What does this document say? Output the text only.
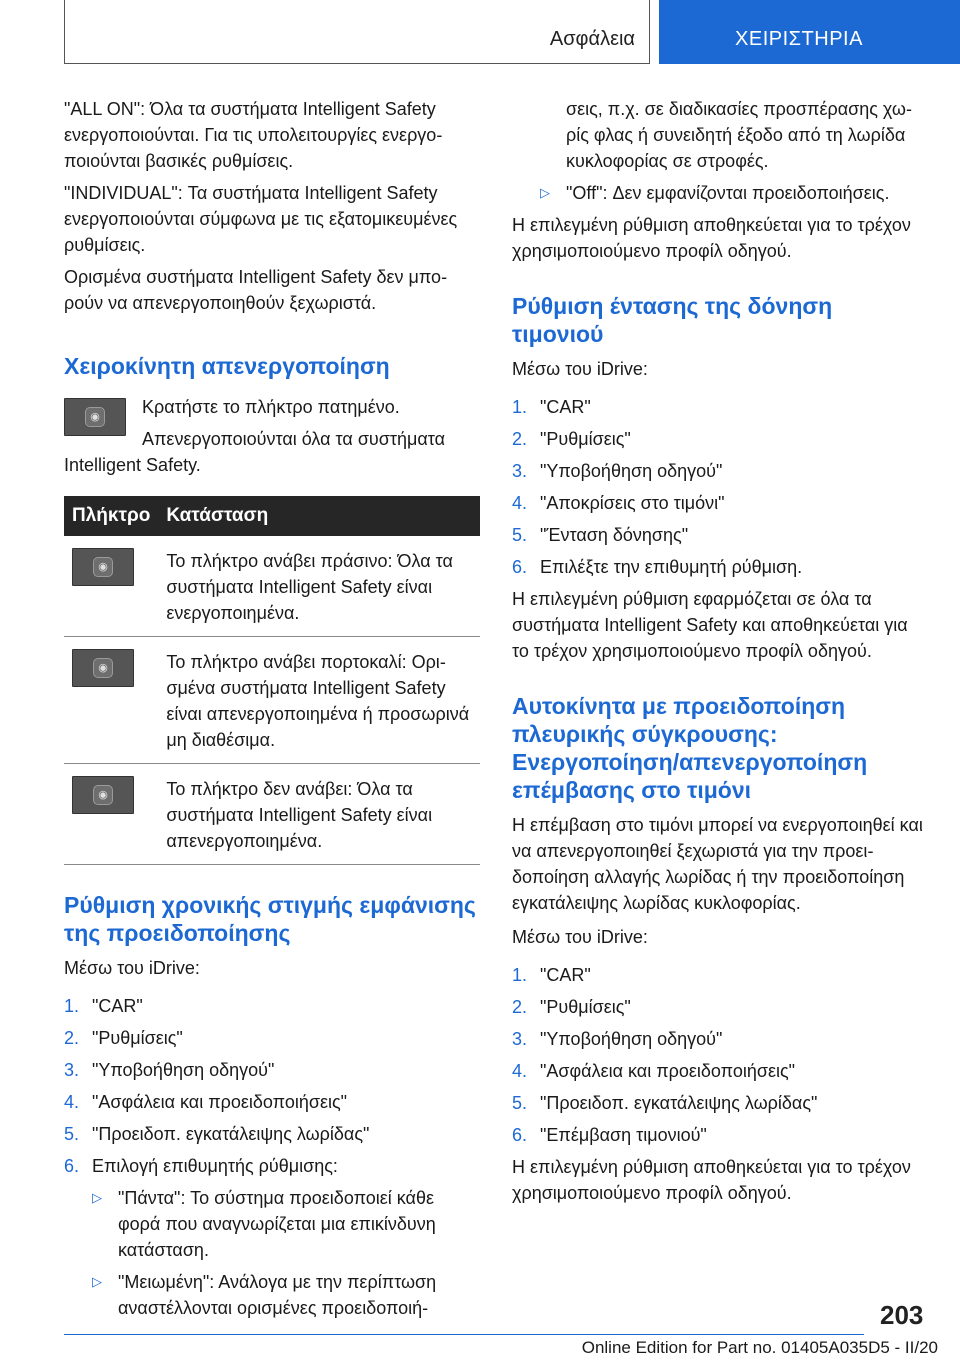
Ασφάλεια	ΧΕΙΡΙΣΤΗΡΙΑ

"ALL ON": Όλα τα συστήματα Intelligent Safety ενεργοποιούνται. Για τις υπολειτουργίες ενεργοποιούνται βασικές ρυθμίσεις.

"INDIVIDUAL": Τα συστήματα Intelligent Safety ενεργοποιούνται σύμφωνα με τις εξατομικευμένες ρυθμίσεις.

Ορισμένα συστήματα Intelligent Safety δεν μπορούν να απενεργοποιηθούν ξεχωριστά.

Χειροκίνητη απενεργοποίηση
◉ Κρατήστε το πλήκτρο πατημένο.

Απενεργοποιούνται όλα τα συστήματα Intelligent Safety.

Πλήκτρο	Κατάσταση

◉	Το πλήκτρο ανάβει πράσινο: Όλα τα συστήματα Intelligent Safety είναι ενεργοποιημένα.

◉	Το πλήκτρο ανάβει πορτοκαλί: Ορισμένα συστήματα Intelligent Safety είναι απενεργοποιημένα ή προσωρινά μη διαθέσιμα.

◉	Το πλήκτρο δεν ανάβει: Όλα τα συστήματα Intelligent Safety είναι απενεργοποιημένα.
Ρύθμιση χρονικής στιγμής εμφάνισης της προειδοποίησης

Μέσω του iDrive:

1. "CAR"
2. "Ρυθμίσεις"
3. "Υποβοήθηση οδηγού"
4. "Ασφάλεια και προειδοποιήσεις"
5. "Προειδοπ. εγκατάλειψης λωρίδας"
6. Επιλογή επιθυμητής ρύθμισης:
▷ "Πάντα": Το σύστημα προειδοποιεί κάθε φορά που αναγνωρίζεται μια επικίνδυνη κατάσταση.
▷ "Μειωμένη": Ανάλογα με την περίπτωση αναστέλλονται ορισμένες προειδοποιή-

σεις, π.χ. σε διαδικασίες προσπέρασης χωρίς φλας ή συνειδητή έξοδο από τη λωρίδα κυκλοφορίας σε στροφές.

▷ "Off": Δεν εμφανίζονται προειδοποιήσεις.

Η επιλεγμένη ρύθμιση αποθηκεύεται για το τρέχον χρησιμοποιούμενο προφίλ οδηγού.

Ρύθμιση έντασης της δόνηση τιμονιού

Μέσω του iDrive:

1. "CAR"
2. "Ρυθμίσεις"
3. "Υποβοήθηση οδηγού"
4. "Αποκρίσεις στο τιμόνι"
5. "Ένταση δόνησης"
6. Επιλέξτε την επιθυμητή ρύθμιση.

Η επιλεγμένη ρύθμιση εφαρμόζεται σε όλα τα συστήματα Intelligent Safety και αποθηκεύεται για το τρέχον χρησιμοποιούμενο προφίλ οδηγού.

Αυτοκίνητα με προειδοποίηση πλευρικής σύγκρουσης: Ενεργοποίηση/απενεργοποίηση επέμβασης στο τιμόνι

Η επέμβαση στο τιμόνι μπορεί να ενεργοποιηθεί και να απενεργοποιηθεί ξεχωριστά για την προειδοποίηση αλλαγής λωρίδας ή την προειδοποίηση εγκατάλειψης λωρίδας κυκλοφορίας.

Μέσω του iDrive:

1. "CAR"
2. "Ρυθμίσεις"
3. "Υποβοήθηση οδηγού"
4. "Ασφάλεια και προειδοποιήσεις"
5. "Προειδοπ. εγκατάλειψης λωρίδας"
6. "Επέμβαση τιμονιού"

Η επιλεγμένη ρύθμιση αποθηκεύεται για το τρέχον χρησιμοποιούμενο προφίλ οδηγού.

203
Online Edition for Part no. 01405A035D5 - II/20
